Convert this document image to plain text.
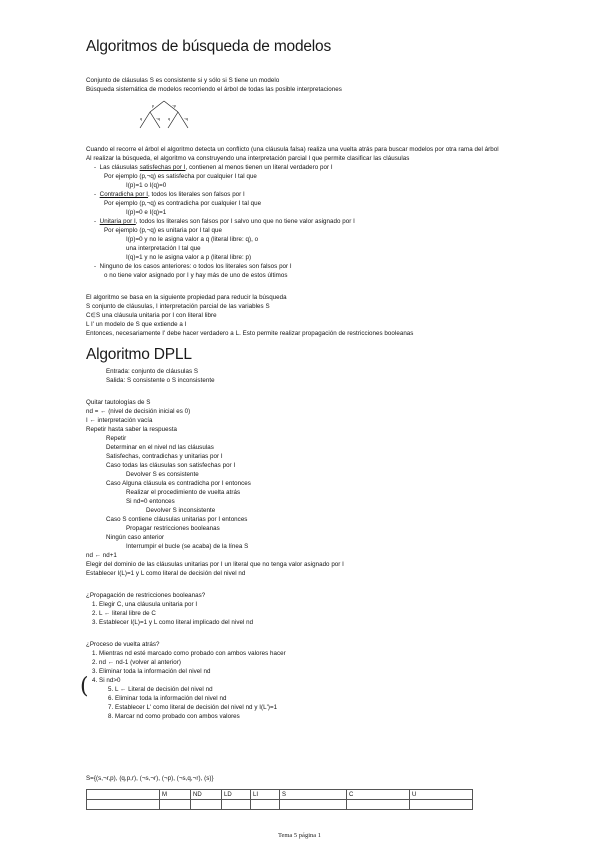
Algoritmos de búsqueda de modelos
Conjunto de cláusulas S es consistente si y sólo si S tiene un modelo
Búsqueda sistemática de modelos recorriendo el árbol de todas las posible interpretaciones
p	¬p
q	¬q q	¬q
Cuando el recorre el árbol el algoritmo detecta un conflicto (una cláusula falsa) realiza una vuelta atrás para buscar modelos por otra rama del árbol
Al realizar la búsqueda, el algoritmo va construyendo una interpretación parcial I que permite clasificar las cláusulas
- Las cláusulas satisfechas por I, contienen al menos tienen un literal verdadero por I
Por ejemplo (p,¬q) es satisfecha por cualquier I tal que
I(p)=1 o I(q)=0
- Contradicha por I, todos los literales son falsos por I
Por ejemplo (p,¬q) es contradicha por cualquier I tal que
I(p)=0 e I(q)=1
- Unitaria por I, todos los literales son falsos por I salvo uno que no tiene valor asignado por I
Por ejemplo (p,¬q) es unitaria por I tal que
I(p)=0 y no le asigna valor a q (literal libre: q), o
una interpretación I tal que
I(q)=1 y no le asigna valor a p (literal libre: p)
- Ninguno de los casos anteriores: o todos los literales son falsos por I
o no tiene valor asignado por I y hay más de uno de estos últimos
El algoritmo se basa en la siguiente propiedad para reducir la búsqueda
S conjunto de cláusulas, I interpretación parcial de las variables S
C∈S una cláusula unitaria por I con literal libre
L I' un modelo de S que extiende a I
Entonces, necesariamente I' debe hacer verdadero a L. Esto permite realizar propagación de restricciones booleanas
Algoritmo DPLL
Entrada: conjunto de cláusulas S
Salida: S consistente o S inconsistente
Quitar tautologías de S
nd = ← (nivel de decisión inicial es 0)
I ← interpretación vacía
Repetir hasta saber la respuesta
Repetir
Determinar en el nivel nd las cláusulas
Satisfechas, contradichas y unitarias por I
Caso todas las cláusulas son satisfechas por I
Devolver S es consistente
Caso Alguna cláusula es contradicha por I entonces
Realizar el procedimiento de vuelta atrás
Si nd=0 entonces
Devolver S inconsistente
Caso S contiene cláusulas unitarias por I entonces
Propagar restricciones booleanas
Ningún caso anterior
Interrumpir el bucle (se acaba) de la línea S
nd ← nd+1
Elegir del dominio de las cláusulas unitarias por I un literal que no tenga valor asignado por I
Establecer I(L)=1 y L como literal de decisión del nivel nd
¿Propagación de restricciones booleanas?
1. Elegir C, una cláusula unitaria por I
2. L ← literal libre de C
3. Establecer I(L)=1 y L como literal implicado del nivel nd
¿Proceso de vuelta atrás?
(
1. Mientras nd esté marcado como probado con ambos valores hacer
2. nd ← nd-1 (volver al anterior)
3. Eliminar toda la información del nivel nd
4. Si nd>0
5. L ← Literal de decisión del nivel nd
6. Eliminar toda la información del nivel nd
7. Establecer L' como literal de decisión del nivel nd y I(L')=1
8. Marcar nd como probado con ambos valores
S={(s,¬r,p), (q,p,r), (¬s,¬r), (¬p), (¬s,q,¬r), (s)}
	M	ND	LD	LI	S	C	U

Tema 5 página 1
